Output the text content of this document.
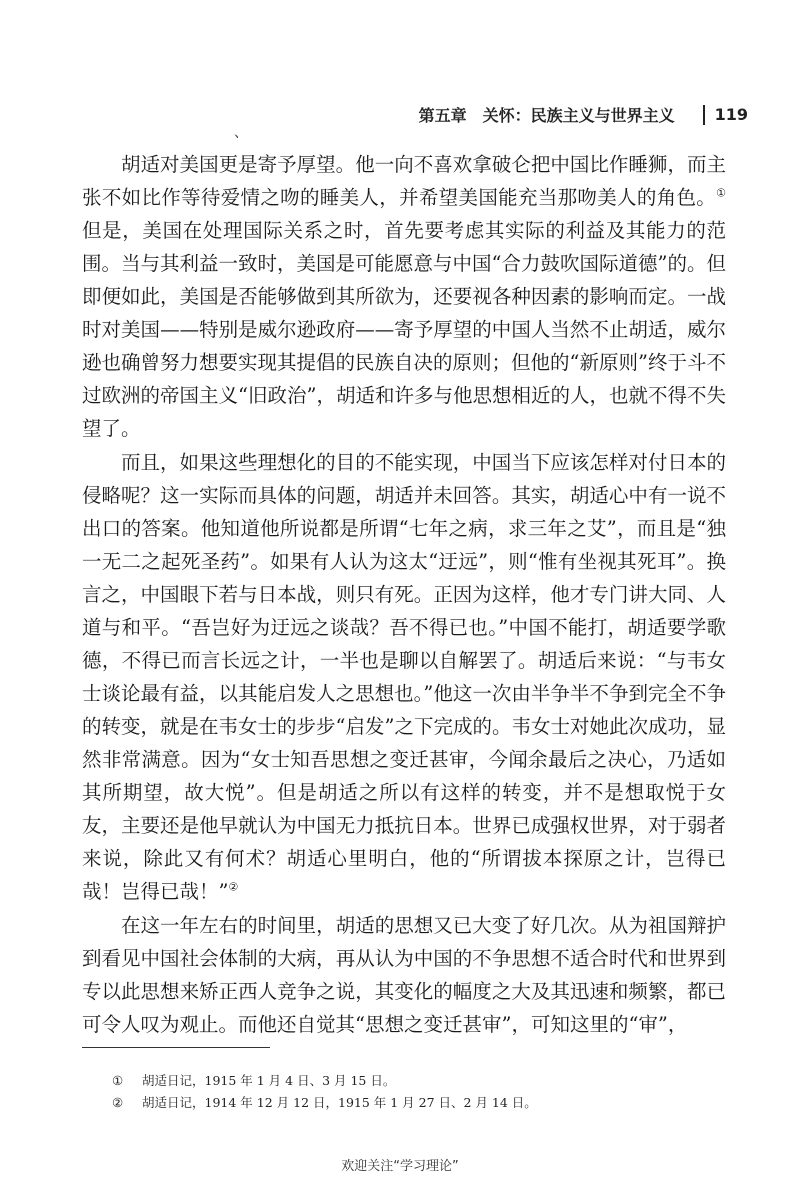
第五章　关怀：民族主义与世界主义	119
、

胡适对美国更是寄予厚望。他一向不喜欢拿破仑把中国比作睡狮，而主张不如比作等待爱情之吻的睡美人，并希望美国能充当那吻美人的角色。①但是，美国在处理国际关系之时，首先要考虑其实际的利益及其能力的范围。当与其利益一致时，美国是可能愿意与中国“合力鼓吹国际道德”的。但即便如此，美国是否能够做到其所欲为，还要视各种因素的影响而定。一战时对美国——特别是威尔逊政府——寄予厚望的中国人当然不止胡适，威尔逊也确曾努力想要实现其提倡的民族自决的原则；但他的“新原则”终于斗不过欧洲的帝国主义“旧政治”，胡适和许多与他思想相近的人，也就不得不失望了。

而且，如果这些理想化的目的不能实现，中国当下应该怎样对付日本的侵略呢？这一实际而具体的问题，胡适并未回答。其实，胡适心中有一说不出口的答案。他知道他所说都是所谓“七年之病，求三年之艾”，而且是“独一无二之起死圣药”。如果有人认为这太“迂远”，则“惟有坐视其死耳”。换言之，中国眼下若与日本战，则只有死。正因为这样，他才专门讲大同、人道与和平。“吾岂好为迂远之谈哉？吾不得已也。”中国不能打，胡适要学歌德，不得已而言长远之计，一半也是聊以自解罢了。胡适后来说：“与韦女士谈论最有益，以其能启发人之思想也。”他这一次由半争半不争到完全不争的转变，就是在韦女士的步步“启发”之下完成的。韦女士对她此次成功，显然非常满意。因为“女士知吾思想之变迁甚审，今闻余最后之决心，乃适如其所期望，故大悦”。但是胡适之所以有这样的转变，并不是想取悦于女友，主要还是他早就认为中国无力抵抗日本。世界已成强权世界，对于弱者来说，除此又有何术？胡适心里明白，他的“所谓拔本探原之计，岂得已哉！岂得已哉！”②

在这一年左右的时间里，胡适的思想又已大变了好几次。从为祖国辩护到看见中国社会体制的大病，再从认为中国的不争思想不适合时代和世界到专以此思想来矫正西人竞争之说，其变化的幅度之大及其迅速和频繁，都已可令人叹为观止。而他还自觉其“思想之变迁甚审”，可知这里的“审”，

①	胡适日记，1915 年 1 月 4 日、3 月 15 日。
②	胡适日记，1914 年 12 月 12 日，1915 年 1 月 27 日、2 月 14 日。
欢迎关注“学习理论”
